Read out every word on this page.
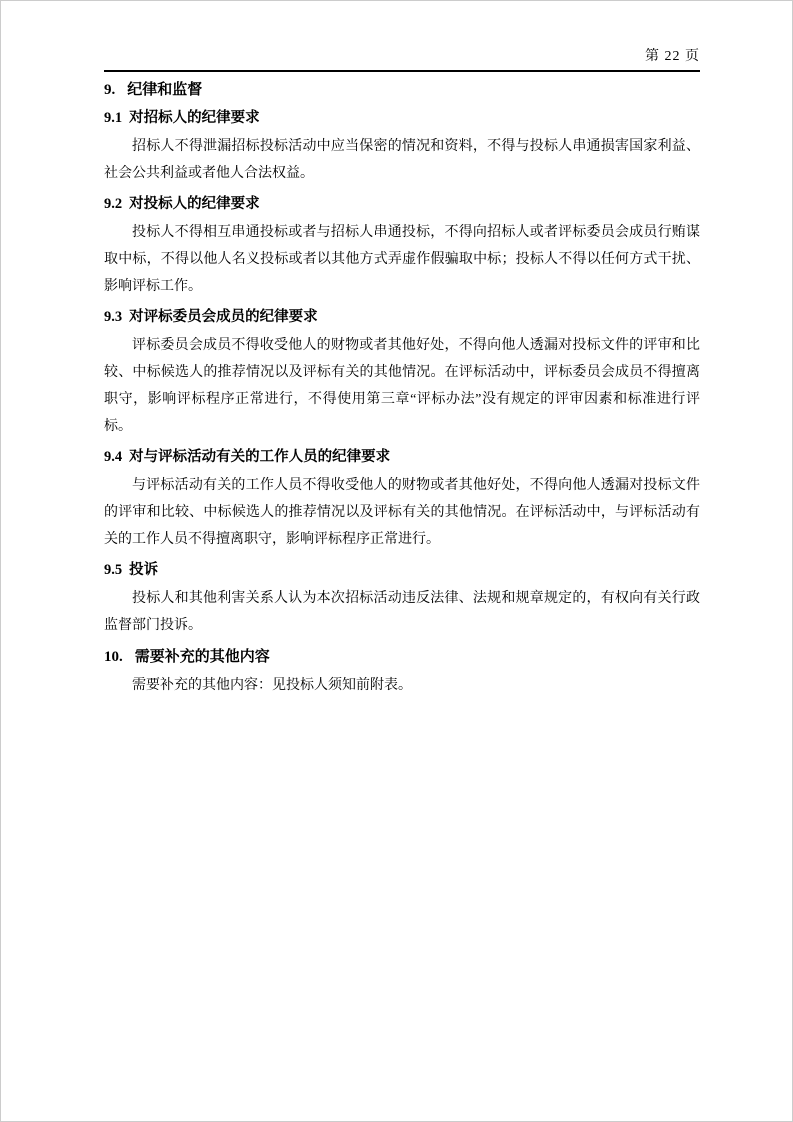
第 22 页
9. 纪律和监督
9.1 对招标人的纪律要求

招标人不得泄漏招标投标活动中应当保密的情况和资料，不得与投标人串通损害国家利益、社会公共利益或者他人合法权益。

9.2 对投标人的纪律要求

投标人不得相互串通投标或者与招标人串通投标，不得向招标人或者评标委员会成员行贿谋取中标，不得以他人名义投标或者以其他方式弄虚作假骗取中标；投标人不得以任何方式干扰、影响评标工作。

9.3 对评标委员会成员的纪律要求

评标委员会成员不得收受他人的财物或者其他好处，不得向他人透漏对投标文件的评审和比较、中标候选人的推荐情况以及评标有关的其他情况。在评标活动中，评标委员会成员不得擅离职守，影响评标程序正常进行，不得使用第三章“评标办法”没有规定的评审因素和标准进行评标。

9.4 对与评标活动有关的工作人员的纪律要求

与评标活动有关的工作人员不得收受他人的财物或者其他好处，不得向他人透漏对投标文件的评审和比较、中标候选人的推荐情况以及评标有关的其他情况。在评标活动中，与评标活动有关的工作人员不得擅离职守，影响评标程序正常进行。

9.5 投诉

投标人和其他利害关系人认为本次招标活动违反法律、法规和规章规定的，有权向有关行政监督部门投诉。

10. 需要补充的其他内容

需要补充的其他内容：见投标人须知前附表。
